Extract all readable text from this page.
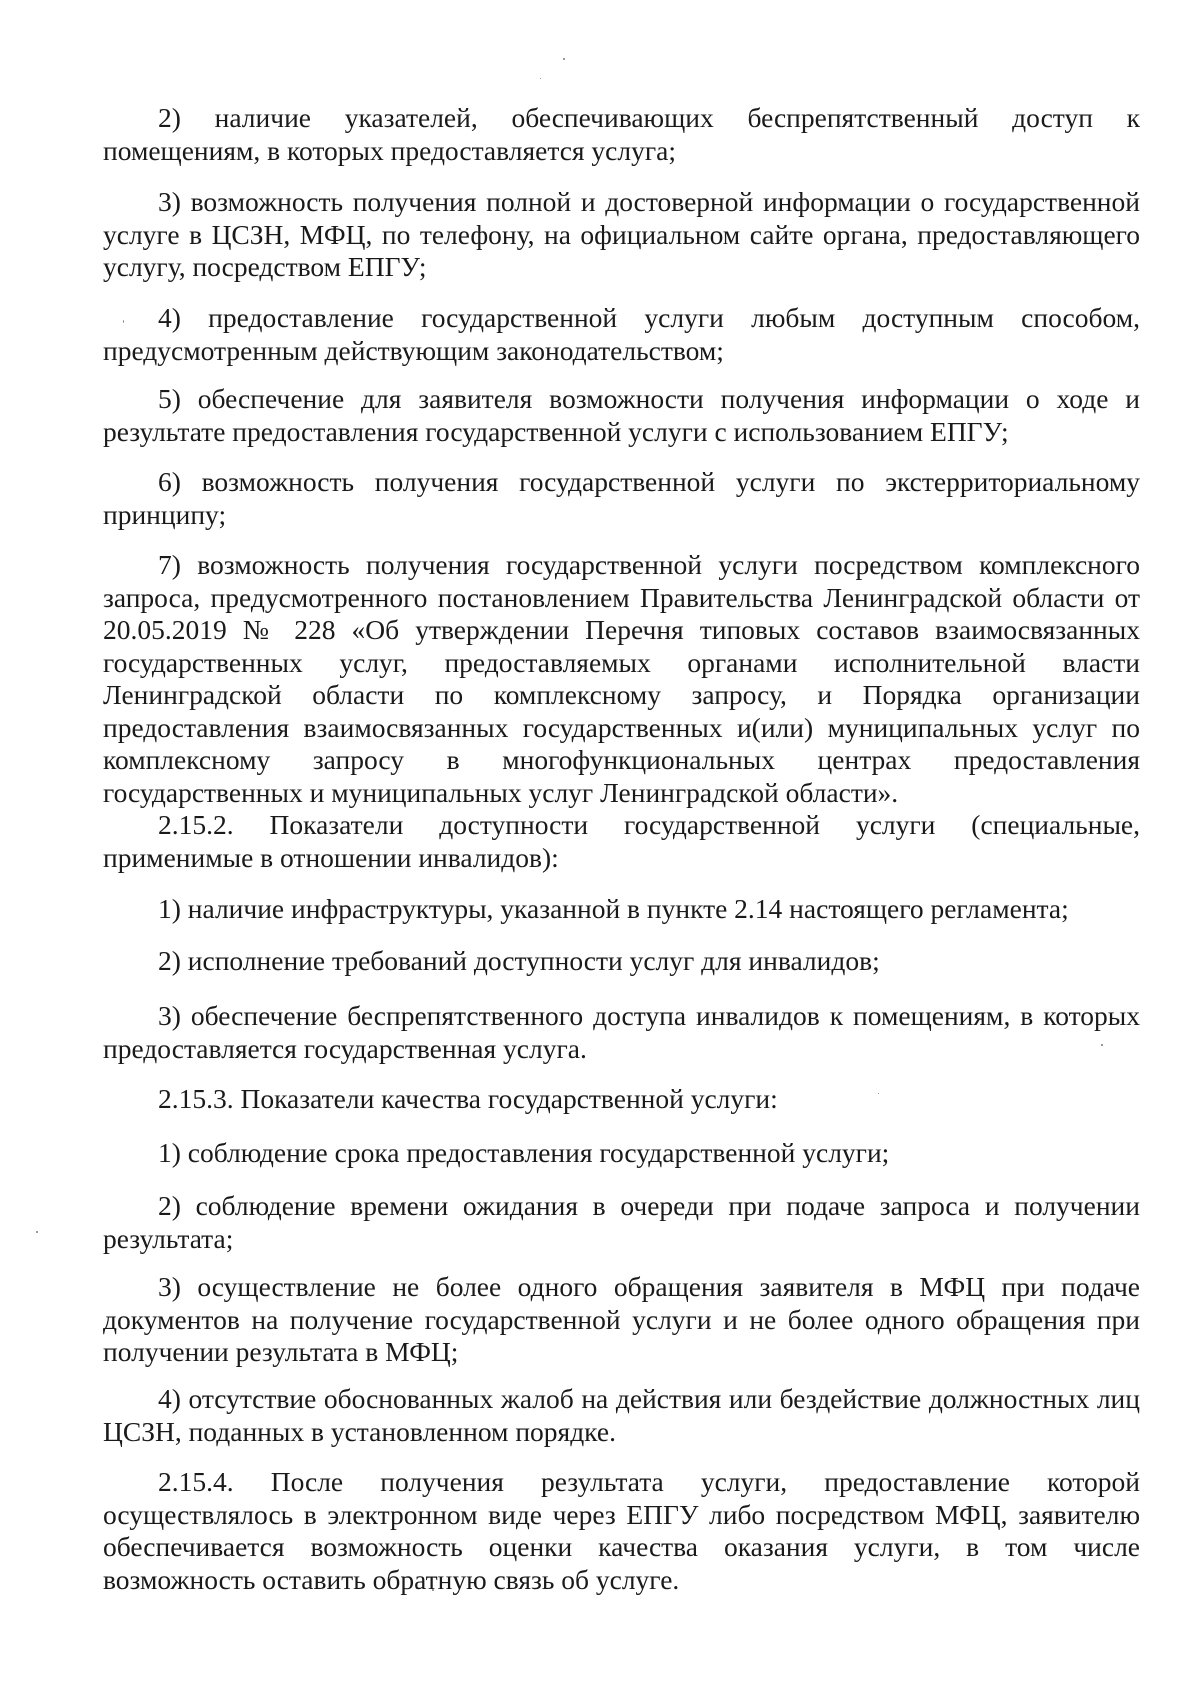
2) наличие указателей, обеспечивающих беспрепятственный доступ к помещениям, в которых предоставляется услуга;

3) возможность получения полной и достоверной информации о государственной услуге в ЦСЗН, МФЦ, по телефону, на официальном сайте органа, предоставляющего услугу, посредством ЕПГУ;

4) предоставление государственной услуги любым доступным способом, предусмотренным действующим законодательством;

5) обеспечение для заявителя возможности получения информации о ходе и результате предоставления государственной услуги с использованием ЕПГУ;

6) возможность получения государственной услуги по экстерриториальному принципу;

7) возможность получения государственной услуги посредством комплексного запроса, предусмотренного постановлением Правительства Ленинградской области от 20.05.2019 № 228 «Об утверждении Перечня типовых составов взаимосвязанных государственных услуг, предоставляемых органами исполнительной власти Ленинградской области по комплексному запросу, и Порядка организации предоставления взаимосвязанных государственных и(или) муниципальных услуг по комплексному запросу в многофункциональных центрах предоставления государственных и муниципальных услуг Ленинградской области».

2.15.2. Показатели доступности государственной услуги (специальные, применимые в отношении инвалидов):

1) наличие инфраструктуры, указанной в пункте 2.14 настоящего регламента;

2) исполнение требований доступности услуг для инвалидов;

3) обеспечение беспрепятственного доступа инвалидов к помещениям, в которых предоставляется государственная услуга.

2.15.3. Показатели качества государственной услуги:

1) соблюдение срока предоставления государственной услуги;

2) соблюдение времени ожидания в очереди при подаче запроса и получении результата;

3) осуществление не более одного обращения заявителя в МФЦ при подаче документов на получение государственной услуги и не более одного обращения при получении результата в МФЦ;

4) отсутствие обоснованных жалоб на действия или бездействие должностных лиц ЦСЗН, поданных в установленном порядке.

2.15.4. После получения результата услуги, предоставление которой осуществлялось в электронном виде через ЕПГУ либо посредством МФЦ, заявителю обеспечивается возможность оценки качества оказания услуги, в том числе возможность оставить обратную связь об услуге.
